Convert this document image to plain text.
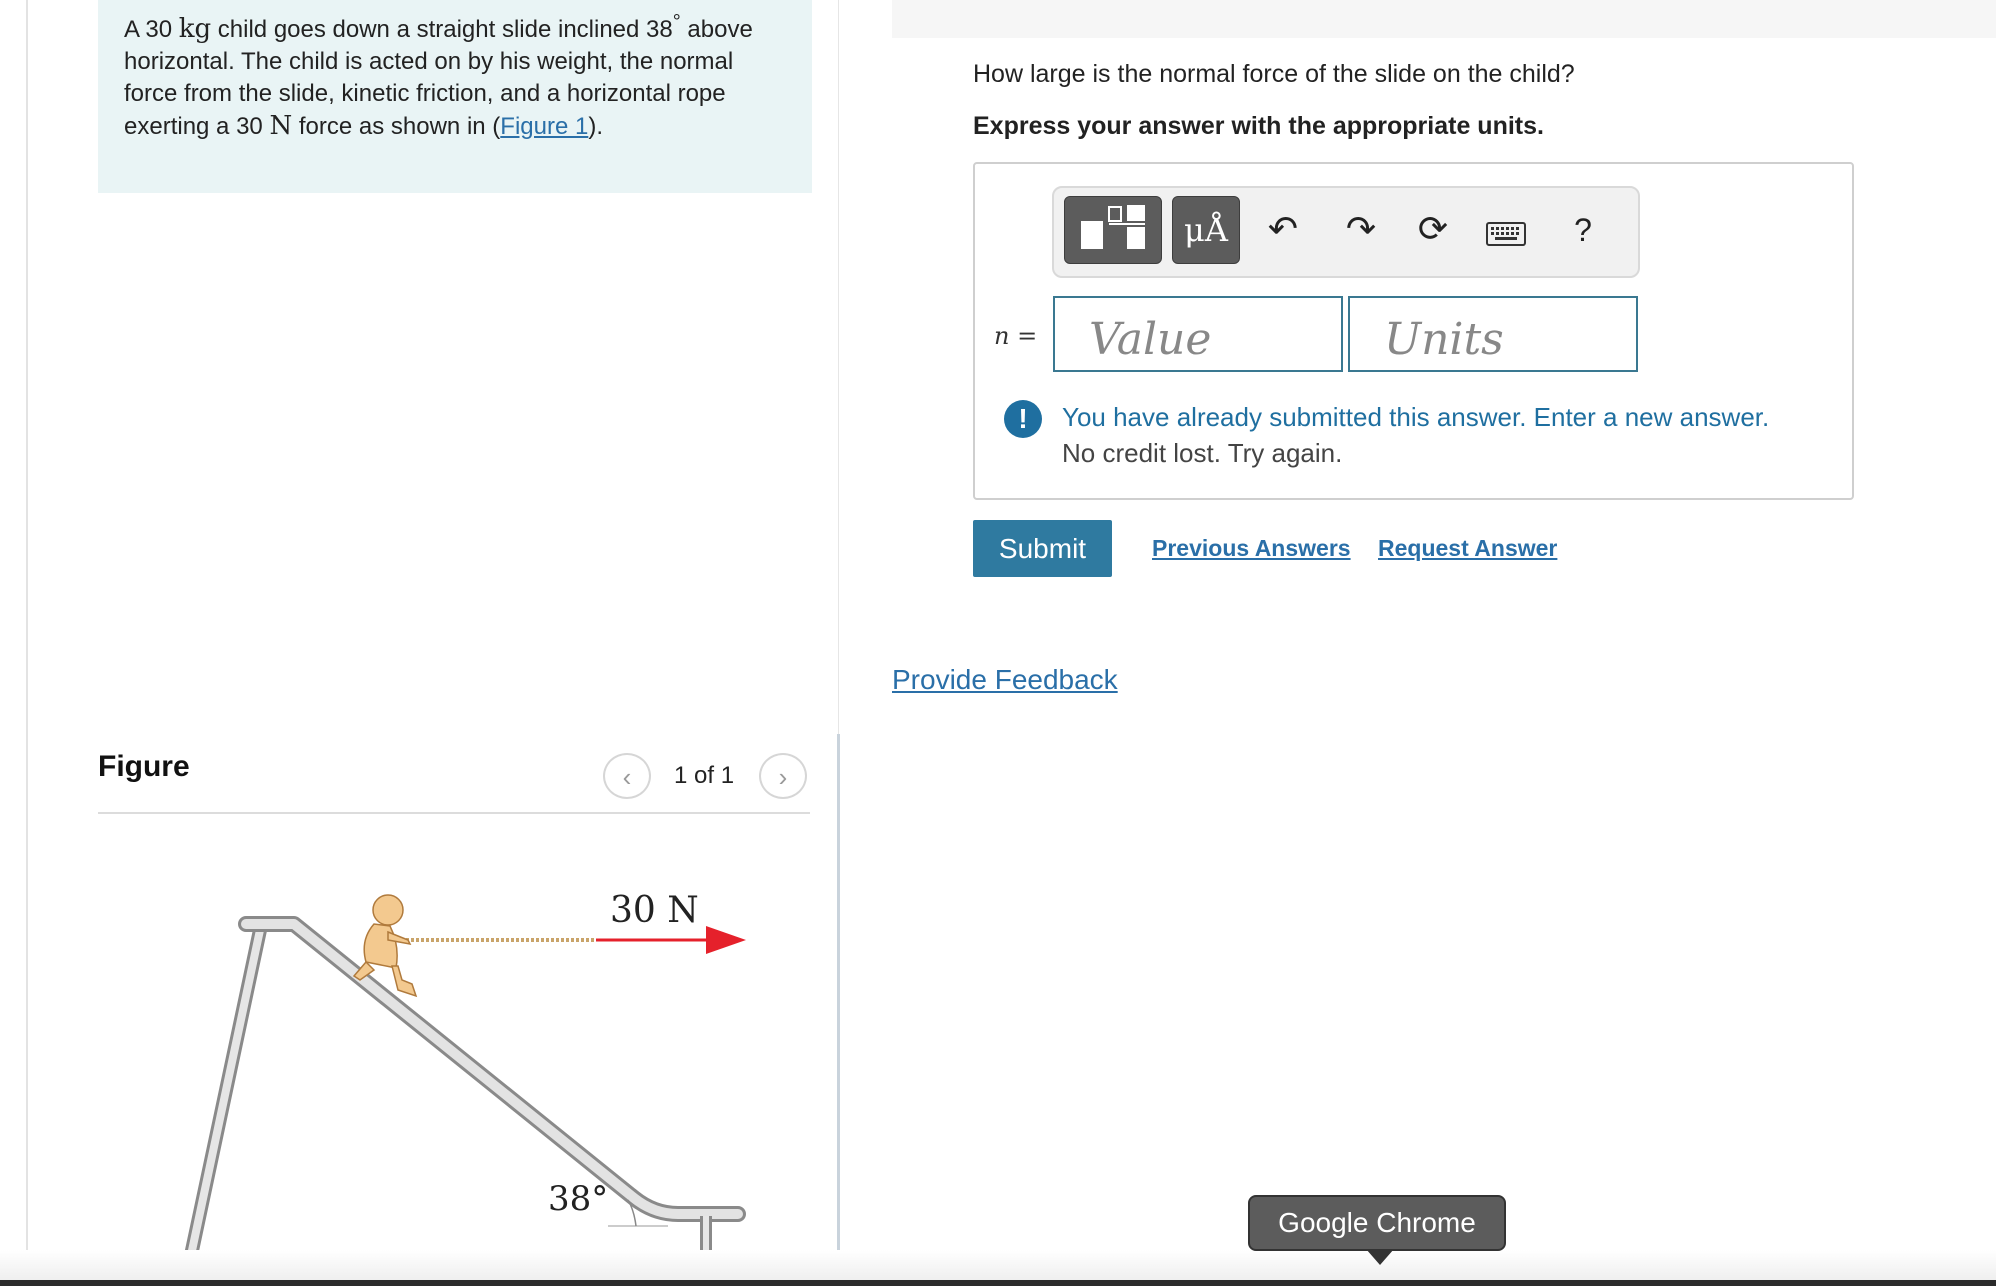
A 30 kg child goes down a straight slide inclined 38° above horizontal. The child is acted on by his weight, the normal force from the slide, kinetic friction, and a horizontal rope exerting a 30 N force as shown in (Figure 1).
Figure	‹	1 of 1	›
38°
30 N
How large is the normal force of the slide on the child?
Express your answer with the appropriate units.
μÅ	↶ ↷ ⟳	?
n =
Value
Units
!	You have already submitted this answer. Enter a new answer.
No credit lost. Try again.
Submit	Previous Answers Request Answer
Provide Feedback
Google Chrome
